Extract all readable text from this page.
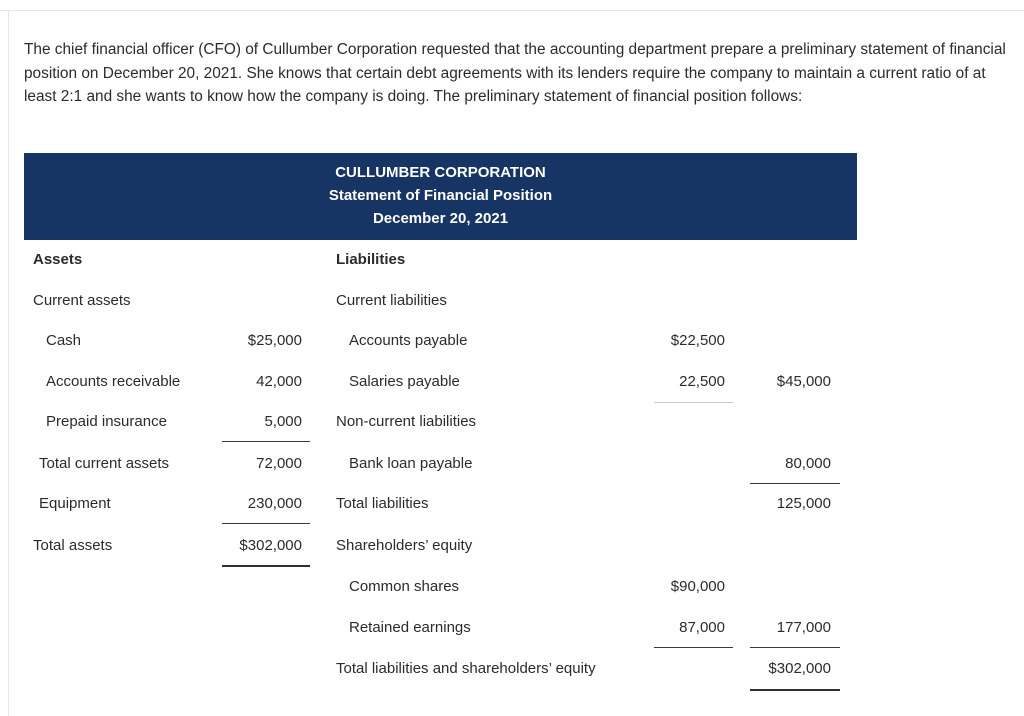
The chief financial officer (CFO) of Cullumber Corporation requested that the accounting department prepare a preliminary statement of financial position on December 20, 2021. She knows that certain debt agreements with its lenders require the company to maintain a current ratio of at least 2:1 and she wants to know how the company is doing. The preliminary statement of financial position follows:

CULLUMBER CORPORATION
Statement of Financial Position
December 20, 2021
Assets
Current assets
Cash	$25,000
Accounts receivable	42,000
Prepaid insurance	5,000
Total current assets	72,000
Equipment	230,000
Total assets	$302,000
Liabilities
Current liabilities
Accounts payable	$22,500
Salaries payable	22,500	$45,000
Non-current liabilities
Bank loan payable	80,000
Total liabilities	125,000
Shareholders’ equity
Common shares	$90,000
Retained earnings	87,000	177,000
Total liabilities and shareholders’ equity	$302,000
